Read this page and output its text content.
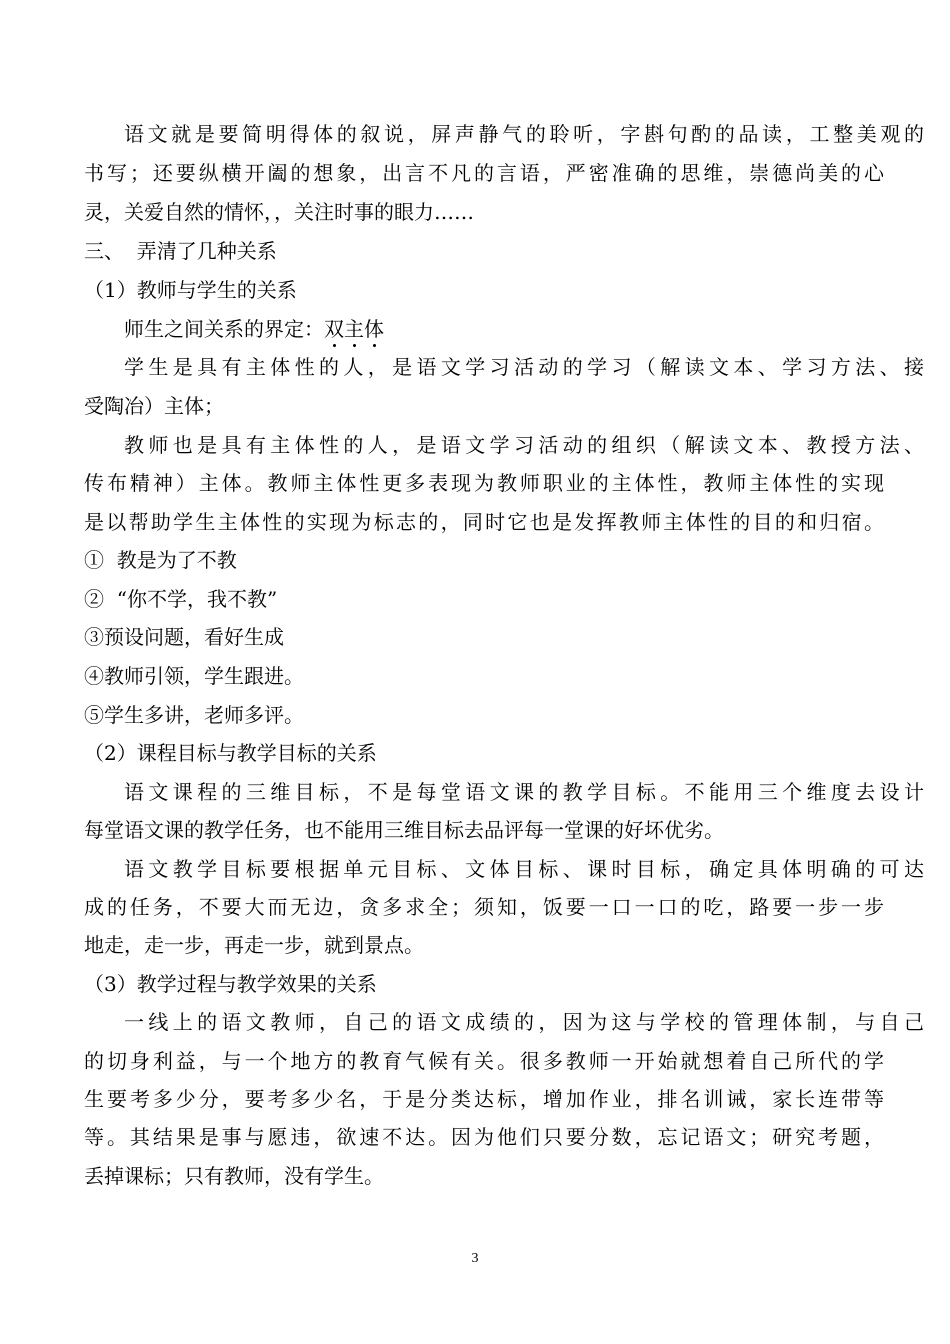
语文就是要简明得体的叙说，屏声静气的聆听，字斟句酌的品读，工整美观的
书写；还要纵横开阖的想象，出言不凡的言语，严密准确的思维，崇德尚美的心
灵，关爱自然的情怀，，关注时事的眼力……
三、  弄清了几种关系
（1）教师与学生的关系
师生之间关系的界定：双主体
学生是具有主体性的人，是语文学习活动的学习（解读文本、学习方法、接
受陶冶）主体；
教师也是具有主体性的人，是语文学习活动的组织（解读文本、教授方法、
传布精神）主体。教师主体性更多表现为教师职业的主体性，教师主体性的实现
是以帮助学生主体性的实现为标志的，同时它也是发挥教师主体性的目的和归宿。
①  教是为了不教
②  “你不学，我不教”
③预设问题，看好生成
④教师引领，学生跟进。
⑤学生多讲，老师多评。
（2）课程目标与教学目标的关系
语文课程的三维目标，不是每堂语文课的教学目标。不能用三个维度去设计
每堂语文课的教学任务，也不能用三维目标去品评每一堂课的好坏优劣。
语文教学目标要根据单元目标、文体目标、课时目标，确定具体明确的可达
成的任务，不要大而无边，贪多求全；须知，饭要一口一口的吃，路要一步一步
地走，走一步，再走一步，就到景点。
（3）教学过程与教学效果的关系
一线上的语文教师，自己的语文成绩的，因为这与学校的管理体制，与自己
的切身利益，与一个地方的教育气候有关。很多教师一开始就想着自己所代的学
生要考多少分，要考多少名，于是分类达标，增加作业，排名训诫，家长连带等
等。其结果是事与愿违，欲速不达。因为他们只要分数，忘记语文；研究考题，
丢掉课标；只有教师，没有学生。
3
